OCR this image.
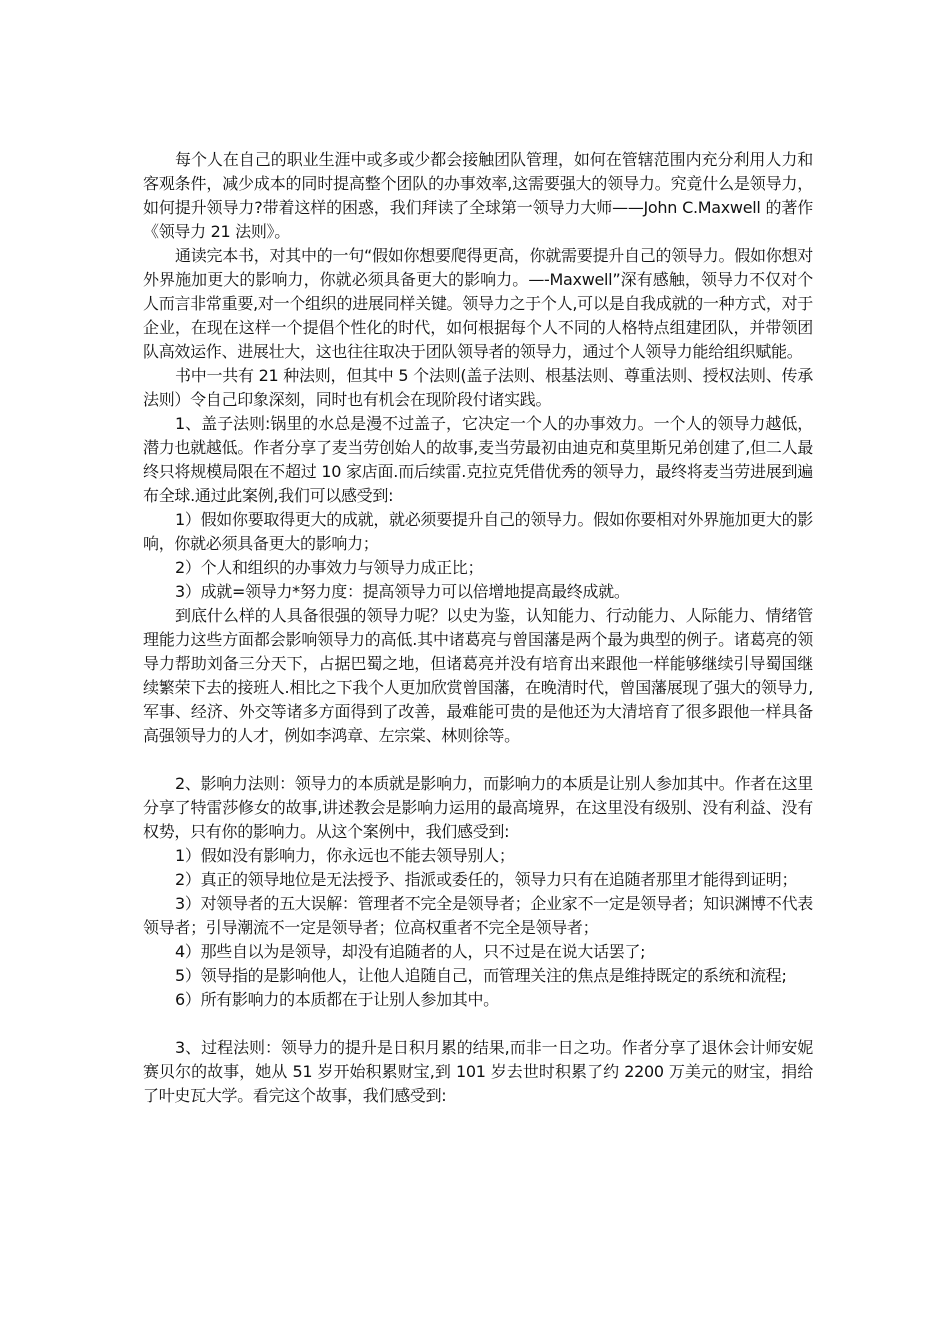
每个人在自己的职业生涯中或多或少都会接触团队管理，如何在管辖范围内充分利用人力和客观条件，减少成本的同时提高整个团队的办事效率,这需要强大的领导力。究竟什么是领导力，如何提升领导力?带着这样的困惑，我们拜读了全球第一领导力大师——John C.Maxwell 的著作《领导力 21 法则》。

通读完本书，对其中的一句“假如你想要爬得更高，你就需要提升自己的领导力。假如你想对外界施加更大的影响力，你就必须具备更大的影响力。—-Maxwell”深有感触，领导力不仅对个人而言非常重要,对一个组织的进展同样关键。领导力之于个人,可以是自我成就的一种方式，对于企业，在现在这样一个提倡个性化的时代，如何根据每个人不同的人格特点组建团队，并带领团队高效运作、进展壮大，这也往往取决于团队领导者的领导力，通过个人领导力能给组织赋能。

书中一共有 21 种法则，但其中 5 个法则(盖子法则、根基法则、尊重法则、授权法则、传承法则）令自己印象深刻，同时也有机会在现阶段付诸实践。

1、盖子法则:锅里的水总是漫不过盖子，它决定一个人的办事效力。一个人的领导力越低，潜力也就越低。作者分享了麦当劳创始人的故事,麦当劳最初由迪克和莫里斯兄弟创建了,但二人最终只将规模局限在不超过 10 家店面.而后续雷.克拉克凭借优秀的领导力，最终将麦当劳进展到遍布全球.通过此案例,我们可以感受到:

1）假如你要取得更大的成就，就必须要提升自己的领导力。假如你要相对外界施加更大的影响，你就必须具备更大的影响力；

2）个人和组织的办事效力与领导力成正比；

3）成就=领导力*努力度：提高领导力可以倍增地提高最终成就。

到底什么样的人具备很强的领导力呢？以史为鉴，认知能力、行动能力、人际能力、情绪管理能力这些方面都会影响领导力的高低.其中诸葛亮与曾国藩是两个最为典型的例子。诸葛亮的领导力帮助刘备三分天下，占据巴蜀之地，但诸葛亮并没有培育出来跟他一样能够继续引导蜀国继续繁荣下去的接班人.相比之下我个人更加欣赏曾国藩，在晚清时代，曾国藩展现了强大的领导力,军事、经济、外交等诸多方面得到了改善，最难能可贵的是他还为大清培育了很多跟他一样具备高强领导力的人才，例如李鸿章、左宗棠、林则徐等。

2、影响力法则：领导力的本质就是影响力，而影响力的本质是让别人参加其中。作者在这里分享了特雷莎修女的故事,讲述教会是影响力运用的最高境界，在这里没有级别、没有利益、没有权势，只有你的影响力。从这个案例中，我们感受到:

1）假如没有影响力，你永远也不能去领导别人；

2）真正的领导地位是无法授予、指派或委任的，领导力只有在追随者那里才能得到证明；

3）对领导者的五大误解：管理者不完全是领导者；企业家不一定是领导者；知识渊博不代表领导者；引导潮流不一定是领导者；位高权重者不完全是领导者；

4）那些自以为是领导，却没有追随者的人，只不过是在说大话罢了;

5）领导指的是影响他人，让他人追随自己，而管理关注的焦点是维持既定的系统和流程;

6）所有影响力的本质都在于让别人参加其中。

3、过程法则：领导力的提升是日积月累的结果,而非一日之功。作者分享了退休会计师安妮 赛贝尔的故事，她从 51 岁开始积累财宝,到 101 岁去世时积累了约 2200 万美元的财宝，捐给了叶史瓦大学。看完这个故事，我们感受到:
